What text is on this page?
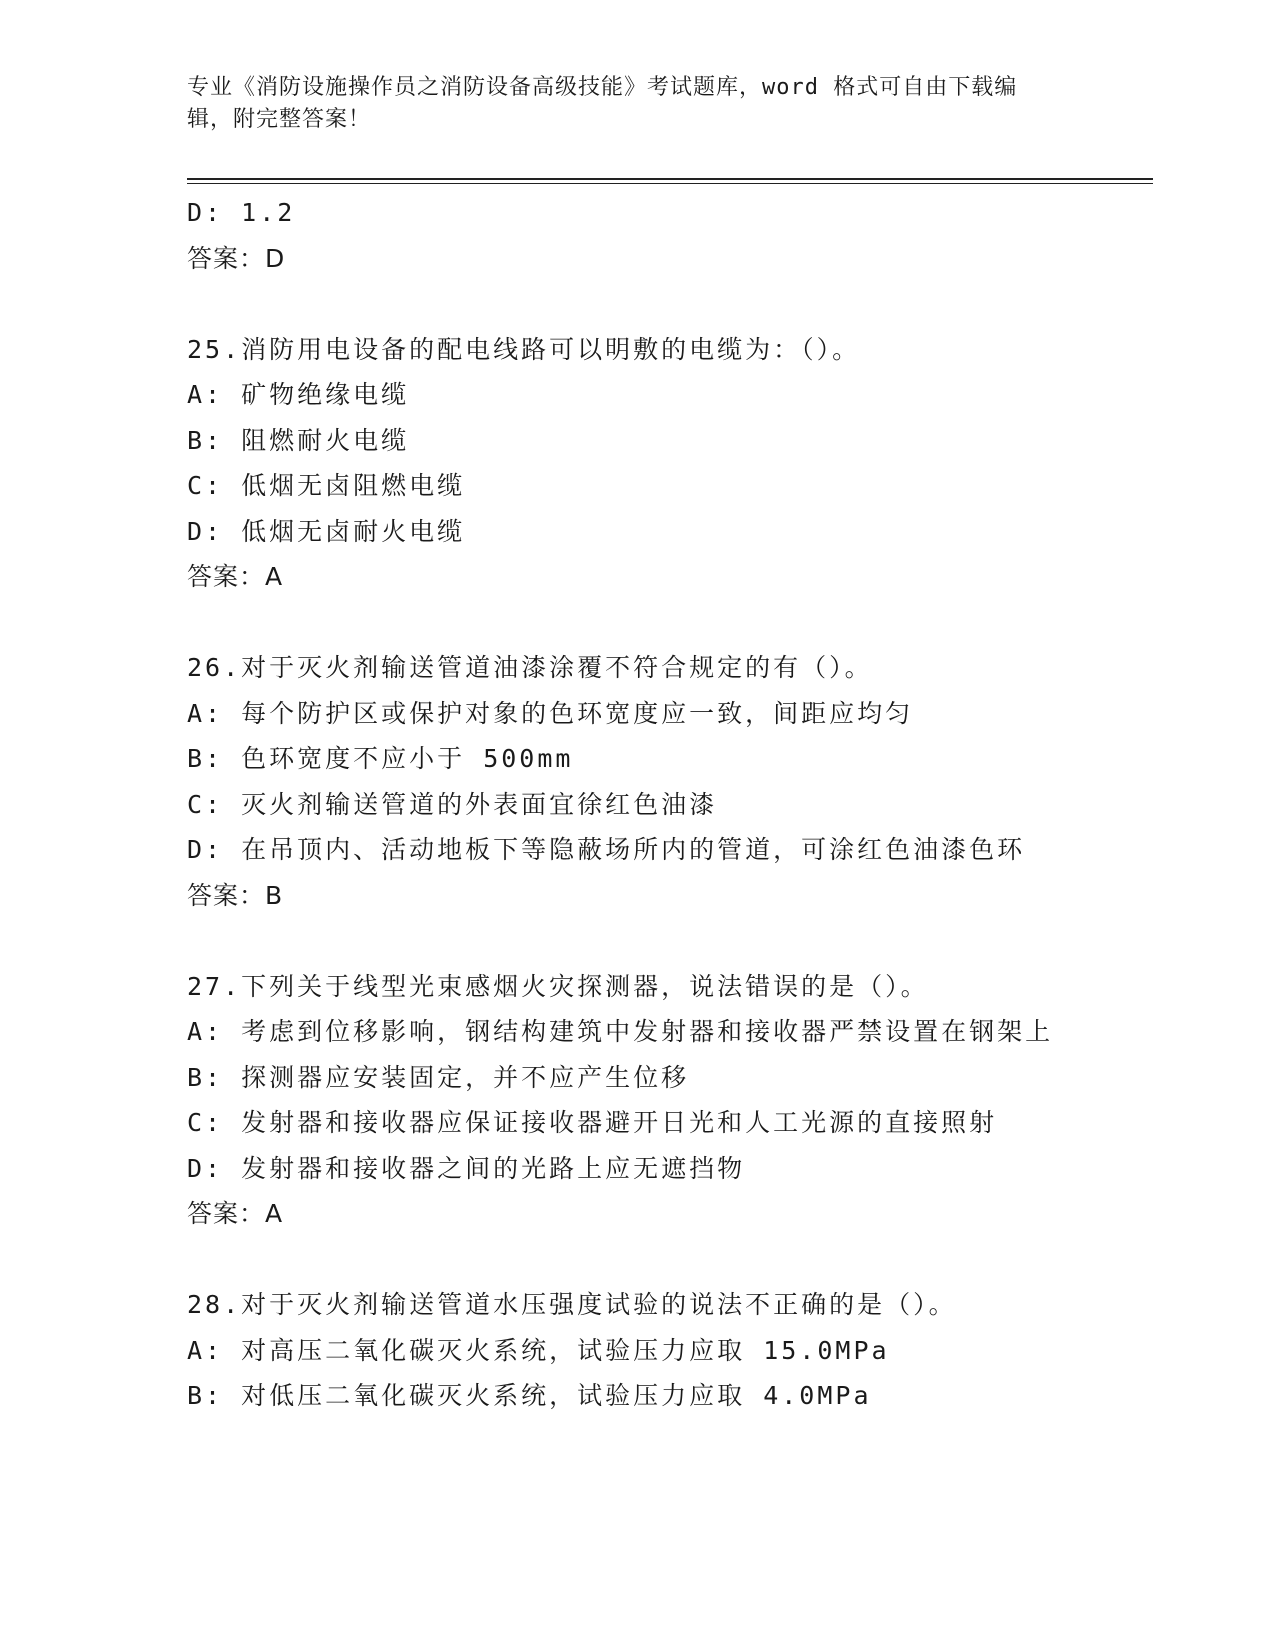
专业《消防设施操作员之消防设备高级技能》考试题库，word 格式可自由下载编
辑，附完整答案！
D: 1.2
答案：D
25.消防用电设备的配电线路可以明敷的电缆为：（）。
A: 矿物绝缘电缆
B: 阻燃耐火电缆
C: 低烟无卤阻燃电缆
D: 低烟无卤耐火电缆
答案：A
26.对于灭火剂输送管道油漆涂覆不符合规定的有（）。
A: 每个防护区或保护对象的色环宽度应一致，间距应均匀
B: 色环宽度不应小于 500mm
C: 灭火剂输送管道的外表面宜徐红色油漆
D: 在吊顶内、活动地板下等隐蔽场所内的管道，可涂红色油漆色环
答案：B
27.下列关于线型光束感烟火灾探测器，说法错误的是（）。
A: 考虑到位移影响，钢结构建筑中发射器和接收器严禁设置在钢架上
B: 探测器应安装固定，并不应产生位移
C: 发射器和接收器应保证接收器避开日光和人工光源的直接照射
D: 发射器和接收器之间的光路上应无遮挡物
答案：A
28.对于灭火剂输送管道水压强度试验的说法不正确的是（）。
A: 对高压二氧化碳灭火系统，试验压力应取 15.0MPa
B: 对低压二氧化碳灭火系统，试验压力应取 4.0MPa
